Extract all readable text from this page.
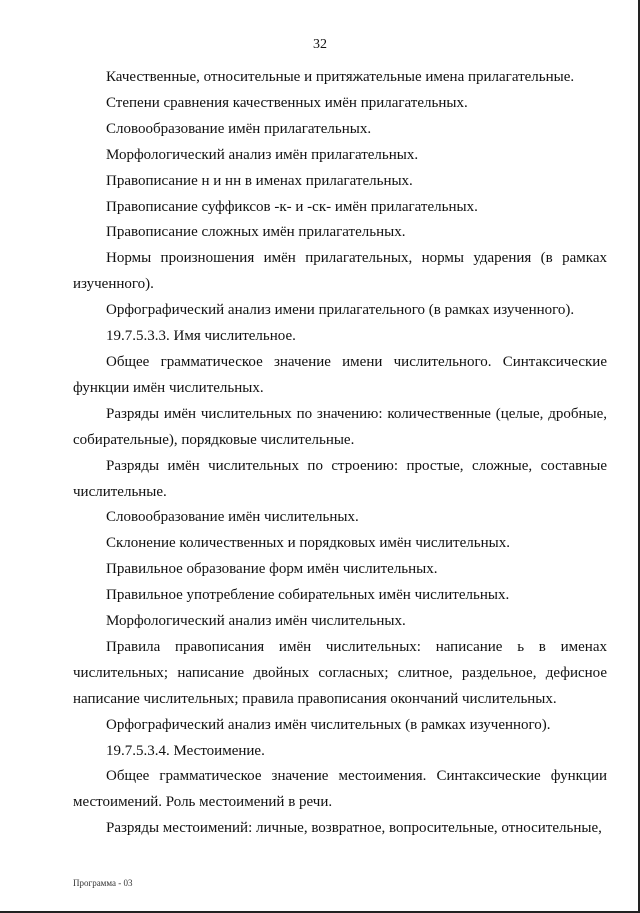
32

Качественные, относительные и притяжательные имена прилагательные.

Степени сравнения качественных имён прилагательных.

Словообразование имён прилагательных.

Морфологический анализ имён прилагательных.

Правописание н и нн в именах прилагательных.

Правописание суффиксов -к- и -ск- имён прилагательных.

Правописание сложных имён прилагательных.

Нормы произношения имён прилагательных, нормы ударения (в рамках изученного).

Орфографический анализ имени прилагательного (в рамках изученного).

19.7.5.3.3. Имя числительное.

Общее грамматическое значение имени числительного. Синтаксические функции имён числительных.

Разряды имён числительных по значению: количественные (целые, дробные, собирательные), порядковые числительные.

Разряды имён числительных по строению: простые, сложные, составные числительные.

Словообразование имён числительных.

Склонение количественных и порядковых имён числительных.

Правильное образование форм имён числительных.

Правильное употребление собирательных имён числительных.

Морфологический анализ имён числительных.

Правила правописания имён числительных: написание ь в именах числительных; написание двойных согласных; слитное, раздельное, дефисное написание числительных; правила правописания окончаний числительных.

Орфографический анализ имён числительных (в рамках изученного).

19.7.5.3.4. Местоимение.

Общее грамматическое значение местоимения. Синтаксические функции местоимений. Роль местоимений в речи.

Разряды местоимений: личные, возвратное, вопросительные, относительные,

Программа - 03
